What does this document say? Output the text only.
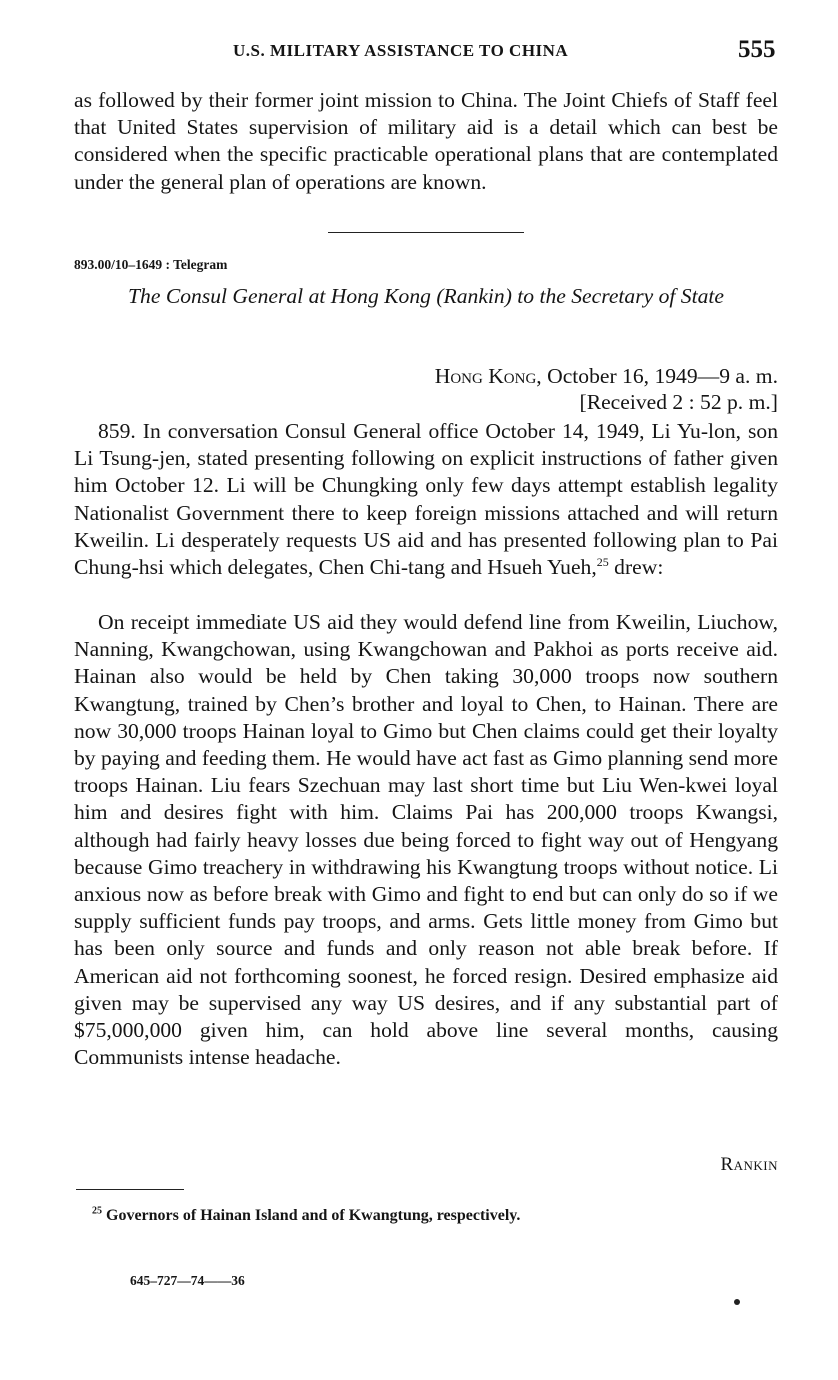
U.S. MILITARY ASSISTANCE TO CHINA	555
as followed by their former joint mission to China. The Joint Chiefs of Staff feel that United States supervision of military aid is a detail which can best be considered when the specific practicable operational plans that are contemplated under the general plan of operations are known.
893.00/10–1649 : Telegram
The Consul General at Hong Kong (Rankin) to the Secretary of State
Hong Kong, October 16, 1949—9 a. m.
[Received 2 : 52 p. m.]
859. In conversation Consul General office October 14, 1949, Li Yu-lon, son Li Tsung-jen, stated presenting following on explicit instructions of father given him October 12. Li will be Chungking only few days attempt establish legality Nationalist Government there to keep foreign missions attached and will return Kweilin. Li desperately requests US aid and has presented following plan to Pai Chung-hsi which delegates, Chen Chi-tang and Hsueh Yueh,$^{25}$ drew:
On receipt immediate US aid they would defend line from Kweilin, Liuchow, Nanning, Kwangchowan, using Kwangchowan and Pakhoi as ports receive aid. Hainan also would be held by Chen taking 30,000 troops now southern Kwangtung, trained by Chen’s brother and loyal to Chen, to Hainan. There are now 30,000 troops Hainan loyal to Gimo but Chen claims could get their loyalty by paying and feeding them. He would have act fast as Gimo planning send more troops Hainan. Liu fears Szechuan may last short time but Liu Wen-kwei loyal him and desires fight with him. Claims Pai has 200,000 troops Kwangsi, although had fairly heavy losses due being forced to fight way out of Hengyang because Gimo treachery in withdrawing his Kwangtung troops without notice. Li anxious now as before break with Gimo and fight to end but can only do so if we supply sufficient funds pay troops, and arms. Gets little money from Gimo but has been only source and funds and only reason not able break before. If American aid not forthcoming soonest, he forced resign. Desired emphasize aid given may be supervised any way US desires, and if any substantial part of $75,000,000 given him, can hold above line several months, causing Communists intense headache.
Rankin
$^{25}$ Governors of Hainan Island and of Kwangtung, respectively.
645–727—74——36
